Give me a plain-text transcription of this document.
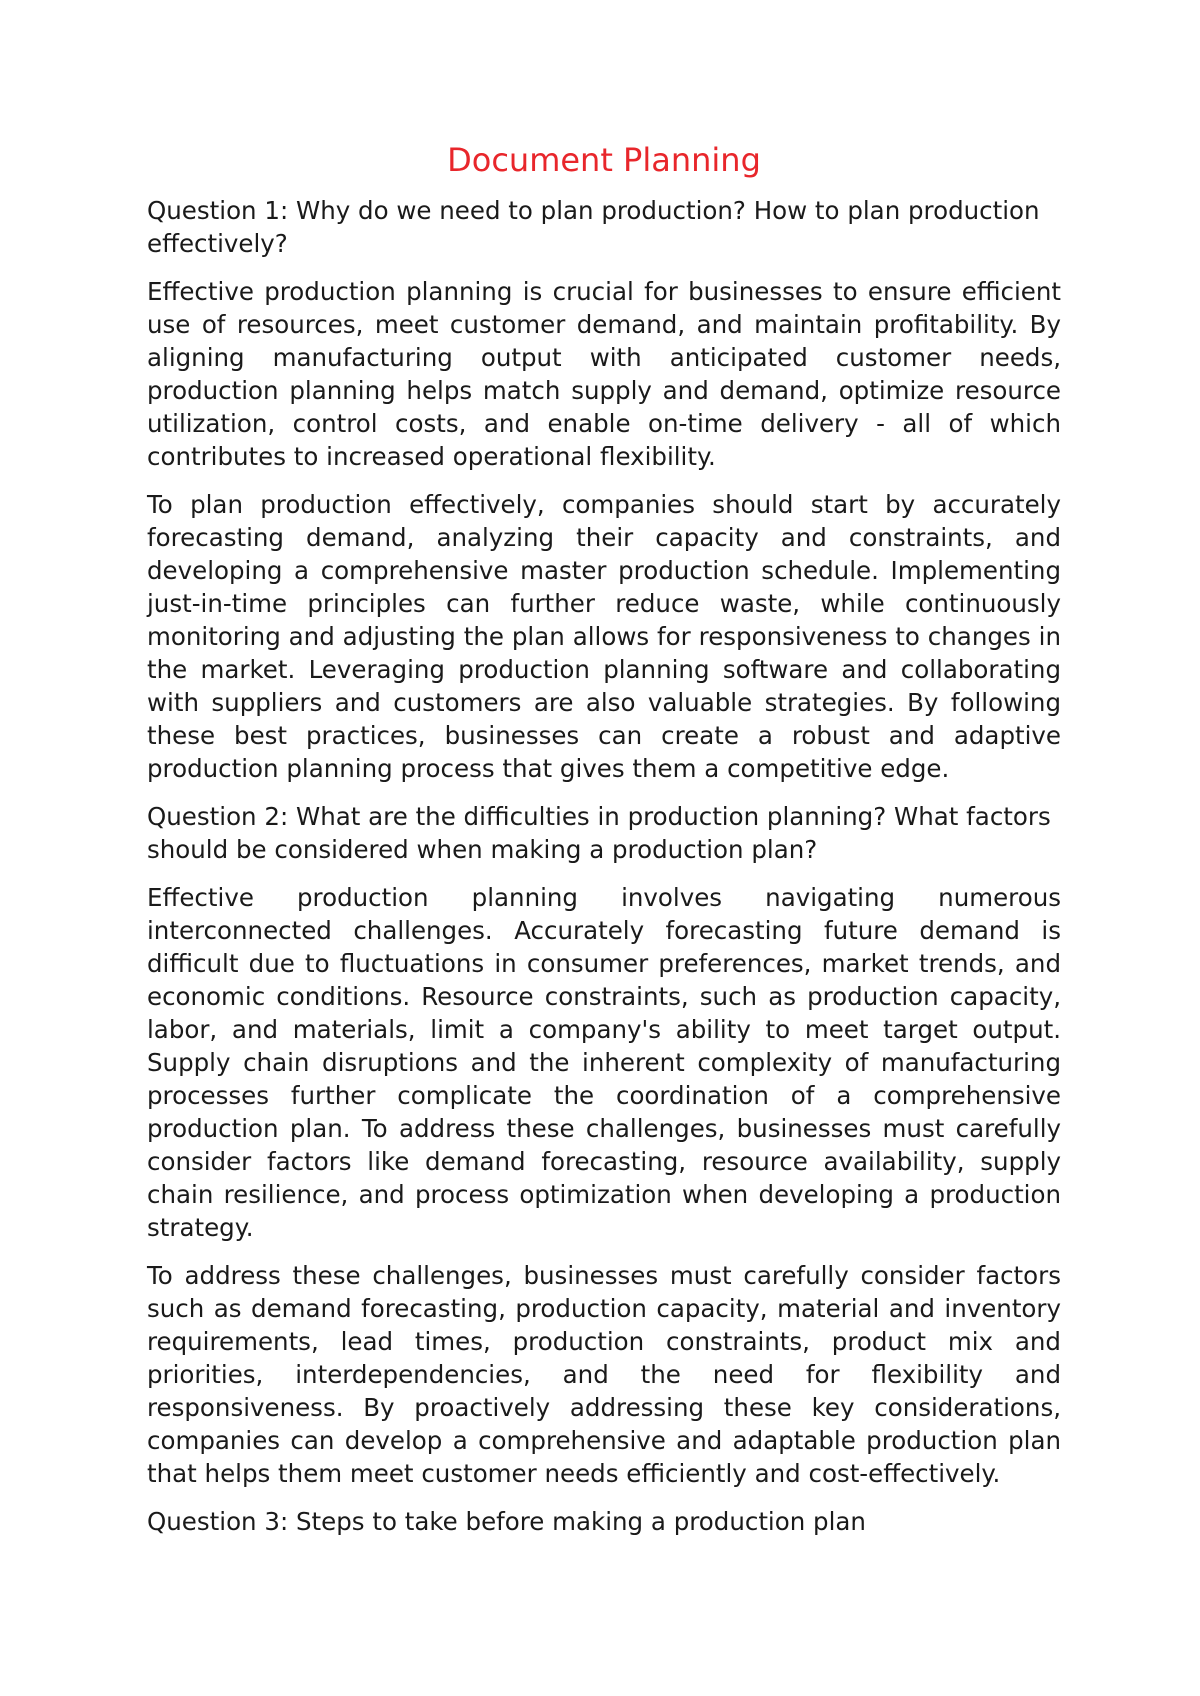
Document Planning

Question 1: Why do we need to plan production? How to plan production effectively?

Effective production planning is crucial for businesses to ensure efficient use of resources, meet customer demand, and maintain profitability. By aligning manufacturing output with anticipated customer needs, production planning helps match supply and demand, optimize resource utilization, control costs, and enable on-time delivery - all of which contributes to increased operational flexibility.

To plan production effectively, companies should start by accurately forecasting demand, analyzing their capacity and constraints, and developing a comprehensive master production schedule. Implementing just-in-time principles can further reduce waste, while continuously monitoring and adjusting the plan allows for responsiveness to changes in the market. Leveraging production planning software and collaborating with suppliers and customers are also valuable strategies. By following these best practices, businesses can create a robust and adaptive production planning process that gives them a competitive edge.

Question 2: What are the difficulties in production planning? What factors should be considered when making a production plan?

Effective production planning involves navigating numerous interconnected challenges. Accurately forecasting future demand is difficult due to fluctuations in consumer preferences, market trends, and economic conditions. Resource constraints, such as production capacity, labor, and materials, limit a company's ability to meet target output. Supply chain disruptions and the inherent complexity of manufacturing processes further complicate the coordination of a comprehensive production plan. To address these challenges, businesses must carefully consider factors like demand forecasting, resource availability, supply chain resilience, and process optimization when developing a production strategy.

To address these challenges, businesses must carefully consider factors such as demand forecasting, production capacity, material and inventory requirements, lead times, production constraints, product mix and priorities, interdependencies, and the need for flexibility and responsiveness. By proactively addressing these key considerations, companies can develop a comprehensive and adaptable production plan that helps them meet customer needs efficiently and cost-effectively.

Question 3: Steps to take before making a production plan
